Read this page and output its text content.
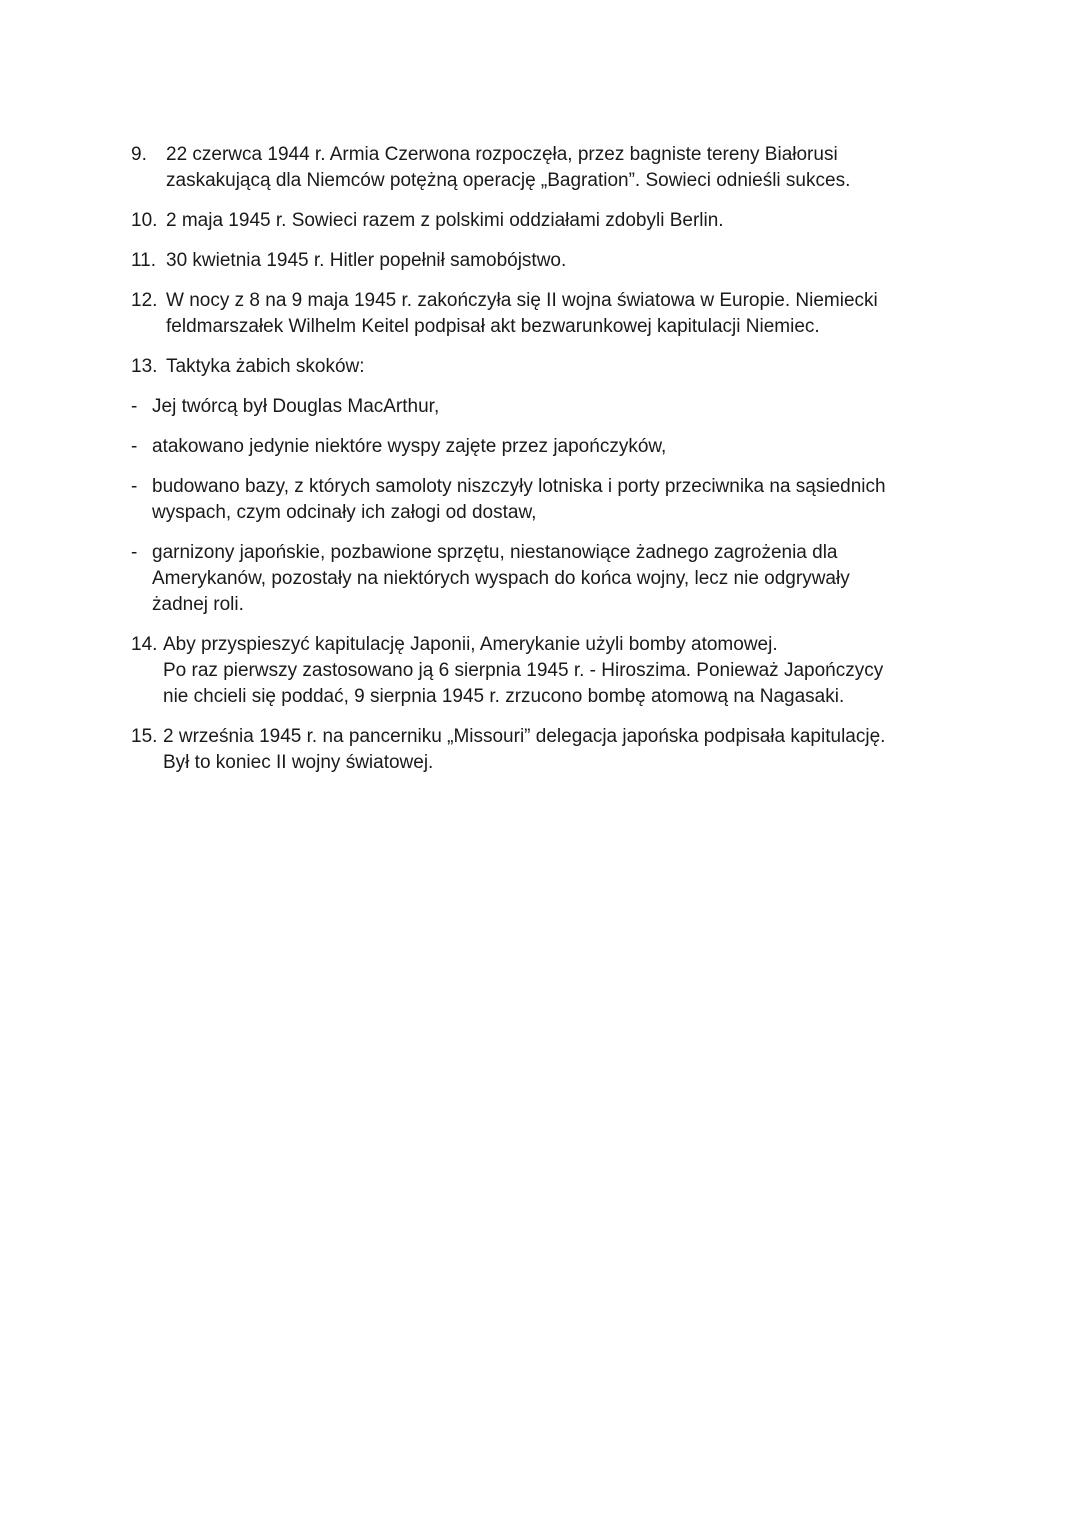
9. 22 czerwca 1944 r. Armia Czerwona rozpoczęła, przez bagniste tereny Białorusi
zaskakującą dla Niemców potężną operację „Bagration”. Sowieci odnieśli sukces.
10. 2 maja 1945 r. Sowieci razem z polskimi oddziałami zdobyli Berlin.
11. 30 kwietnia 1945 r. Hitler popełnił samobójstwo.
12. W nocy z 8 na 9 maja 1945 r. zakończyła się II wojna światowa w Europie. Niemiecki
feldmarszałek Wilhelm Keitel podpisał akt bezwarunkowej kapitulacji Niemiec.
13. Taktyka żabich skoków:
- Jej twórcą był Douglas MacArthur,
- atakowano jedynie niektóre wyspy zajęte przez japończyków,
- budowano bazy, z których samoloty niszczyły lotniska i porty przeciwnika na sąsiednich
wyspach, czym odcinały ich załogi od dostaw,
- garnizony japońskie, pozbawione sprzętu, niestanowiące żadnego zagrożenia dla
Amerykanów, pozostały na niektórych wyspach do końca wojny, lecz nie odgrywały
żadnej roli.
14. Aby przyspieszyć kapitulację Japonii, Amerykanie użyli bomby atomowej.
Po raz pierwszy zastosowano ją 6 sierpnia 1945 r. - Hiroszima. Ponieważ Japończycy
nie chcieli się poddać, 9 sierpnia 1945 r. zrzucono bombę atomową na Nagasaki.
15. 2 września 1945 r. na pancerniku „Missouri” delegacja japońska podpisała kapitulację.
Był to koniec II wojny światowej.
